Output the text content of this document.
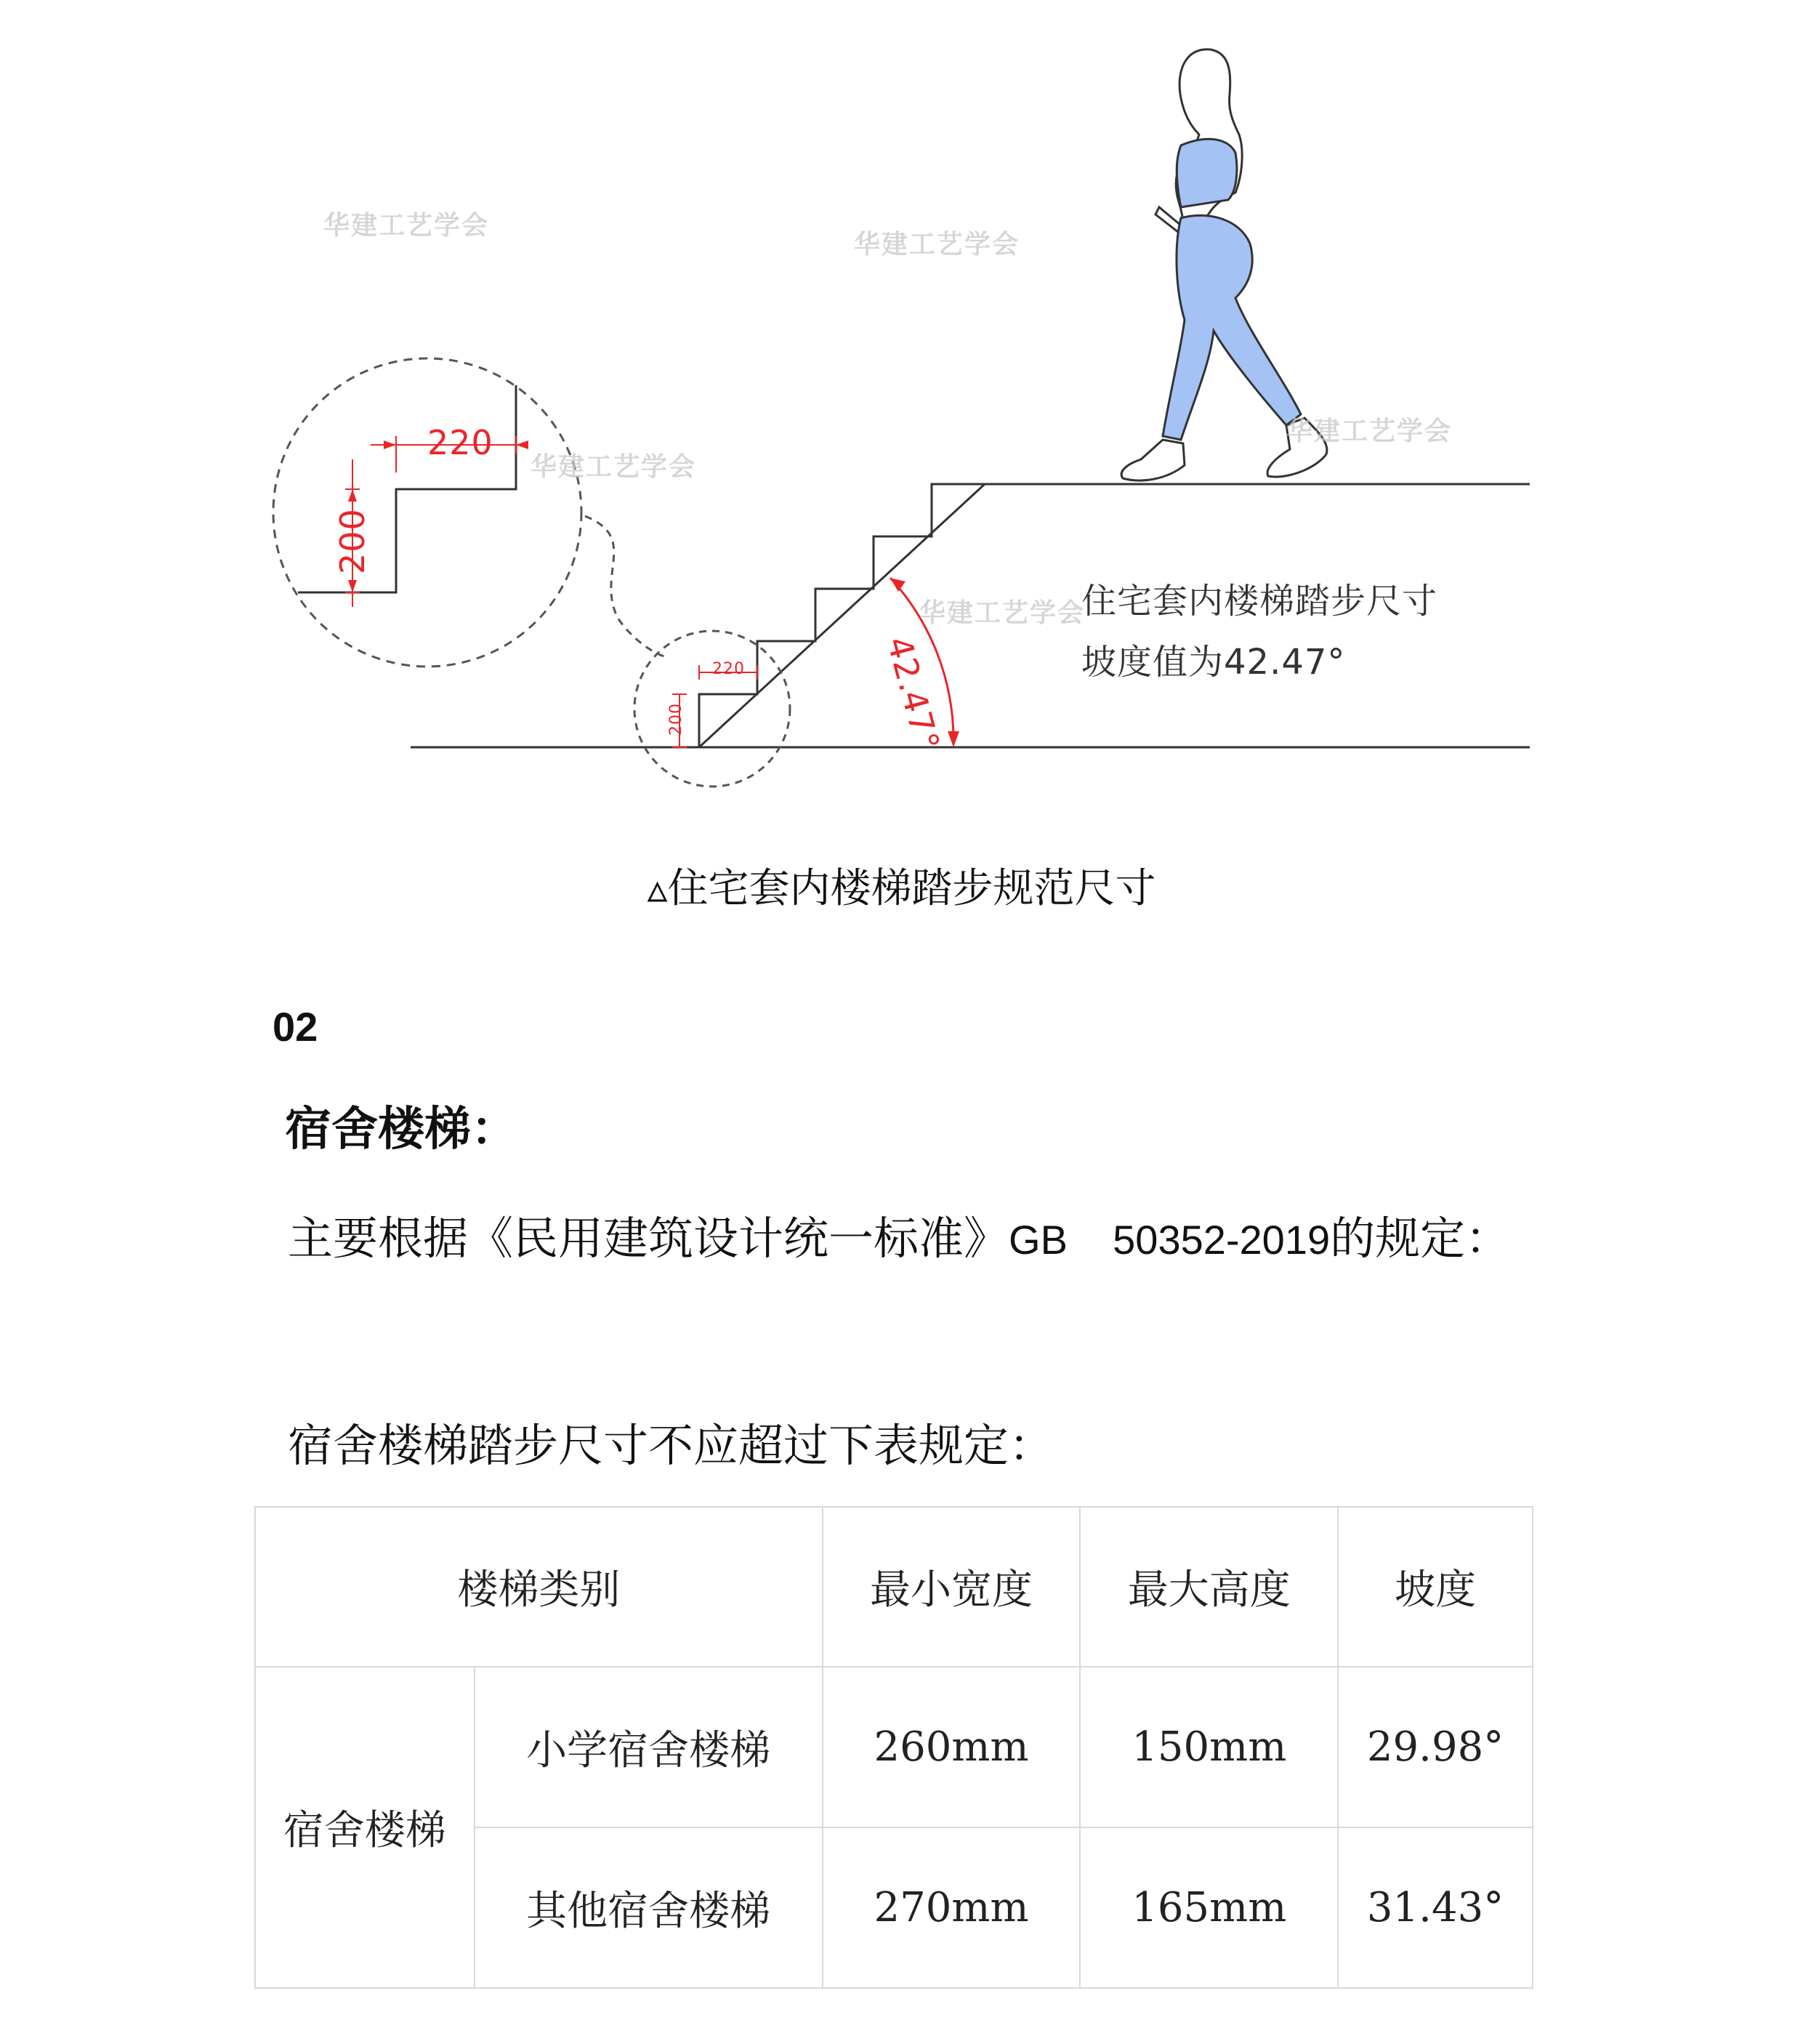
住宅套内楼梯踏步尺寸
坡度值为42.47°
42.47°
220
200
220
200
华建工艺学会
华建工艺学会
华建工艺学会
华建工艺学会
华建工艺学会
▵住宅套内楼梯踏步规范尺寸
02
宿舍楼梯：
主要根据《民用建筑设计统一标准》GB    50352-2019的规定：
宿舍楼梯踏步尺寸不应超过下表规定：
楼梯类别		最小宽度	最大高度	坡度
宿舍楼梯	小学宿舍楼梯	260mm	150mm	29.98°
	其他宿舍楼梯	270mm	165mm	31.43°
